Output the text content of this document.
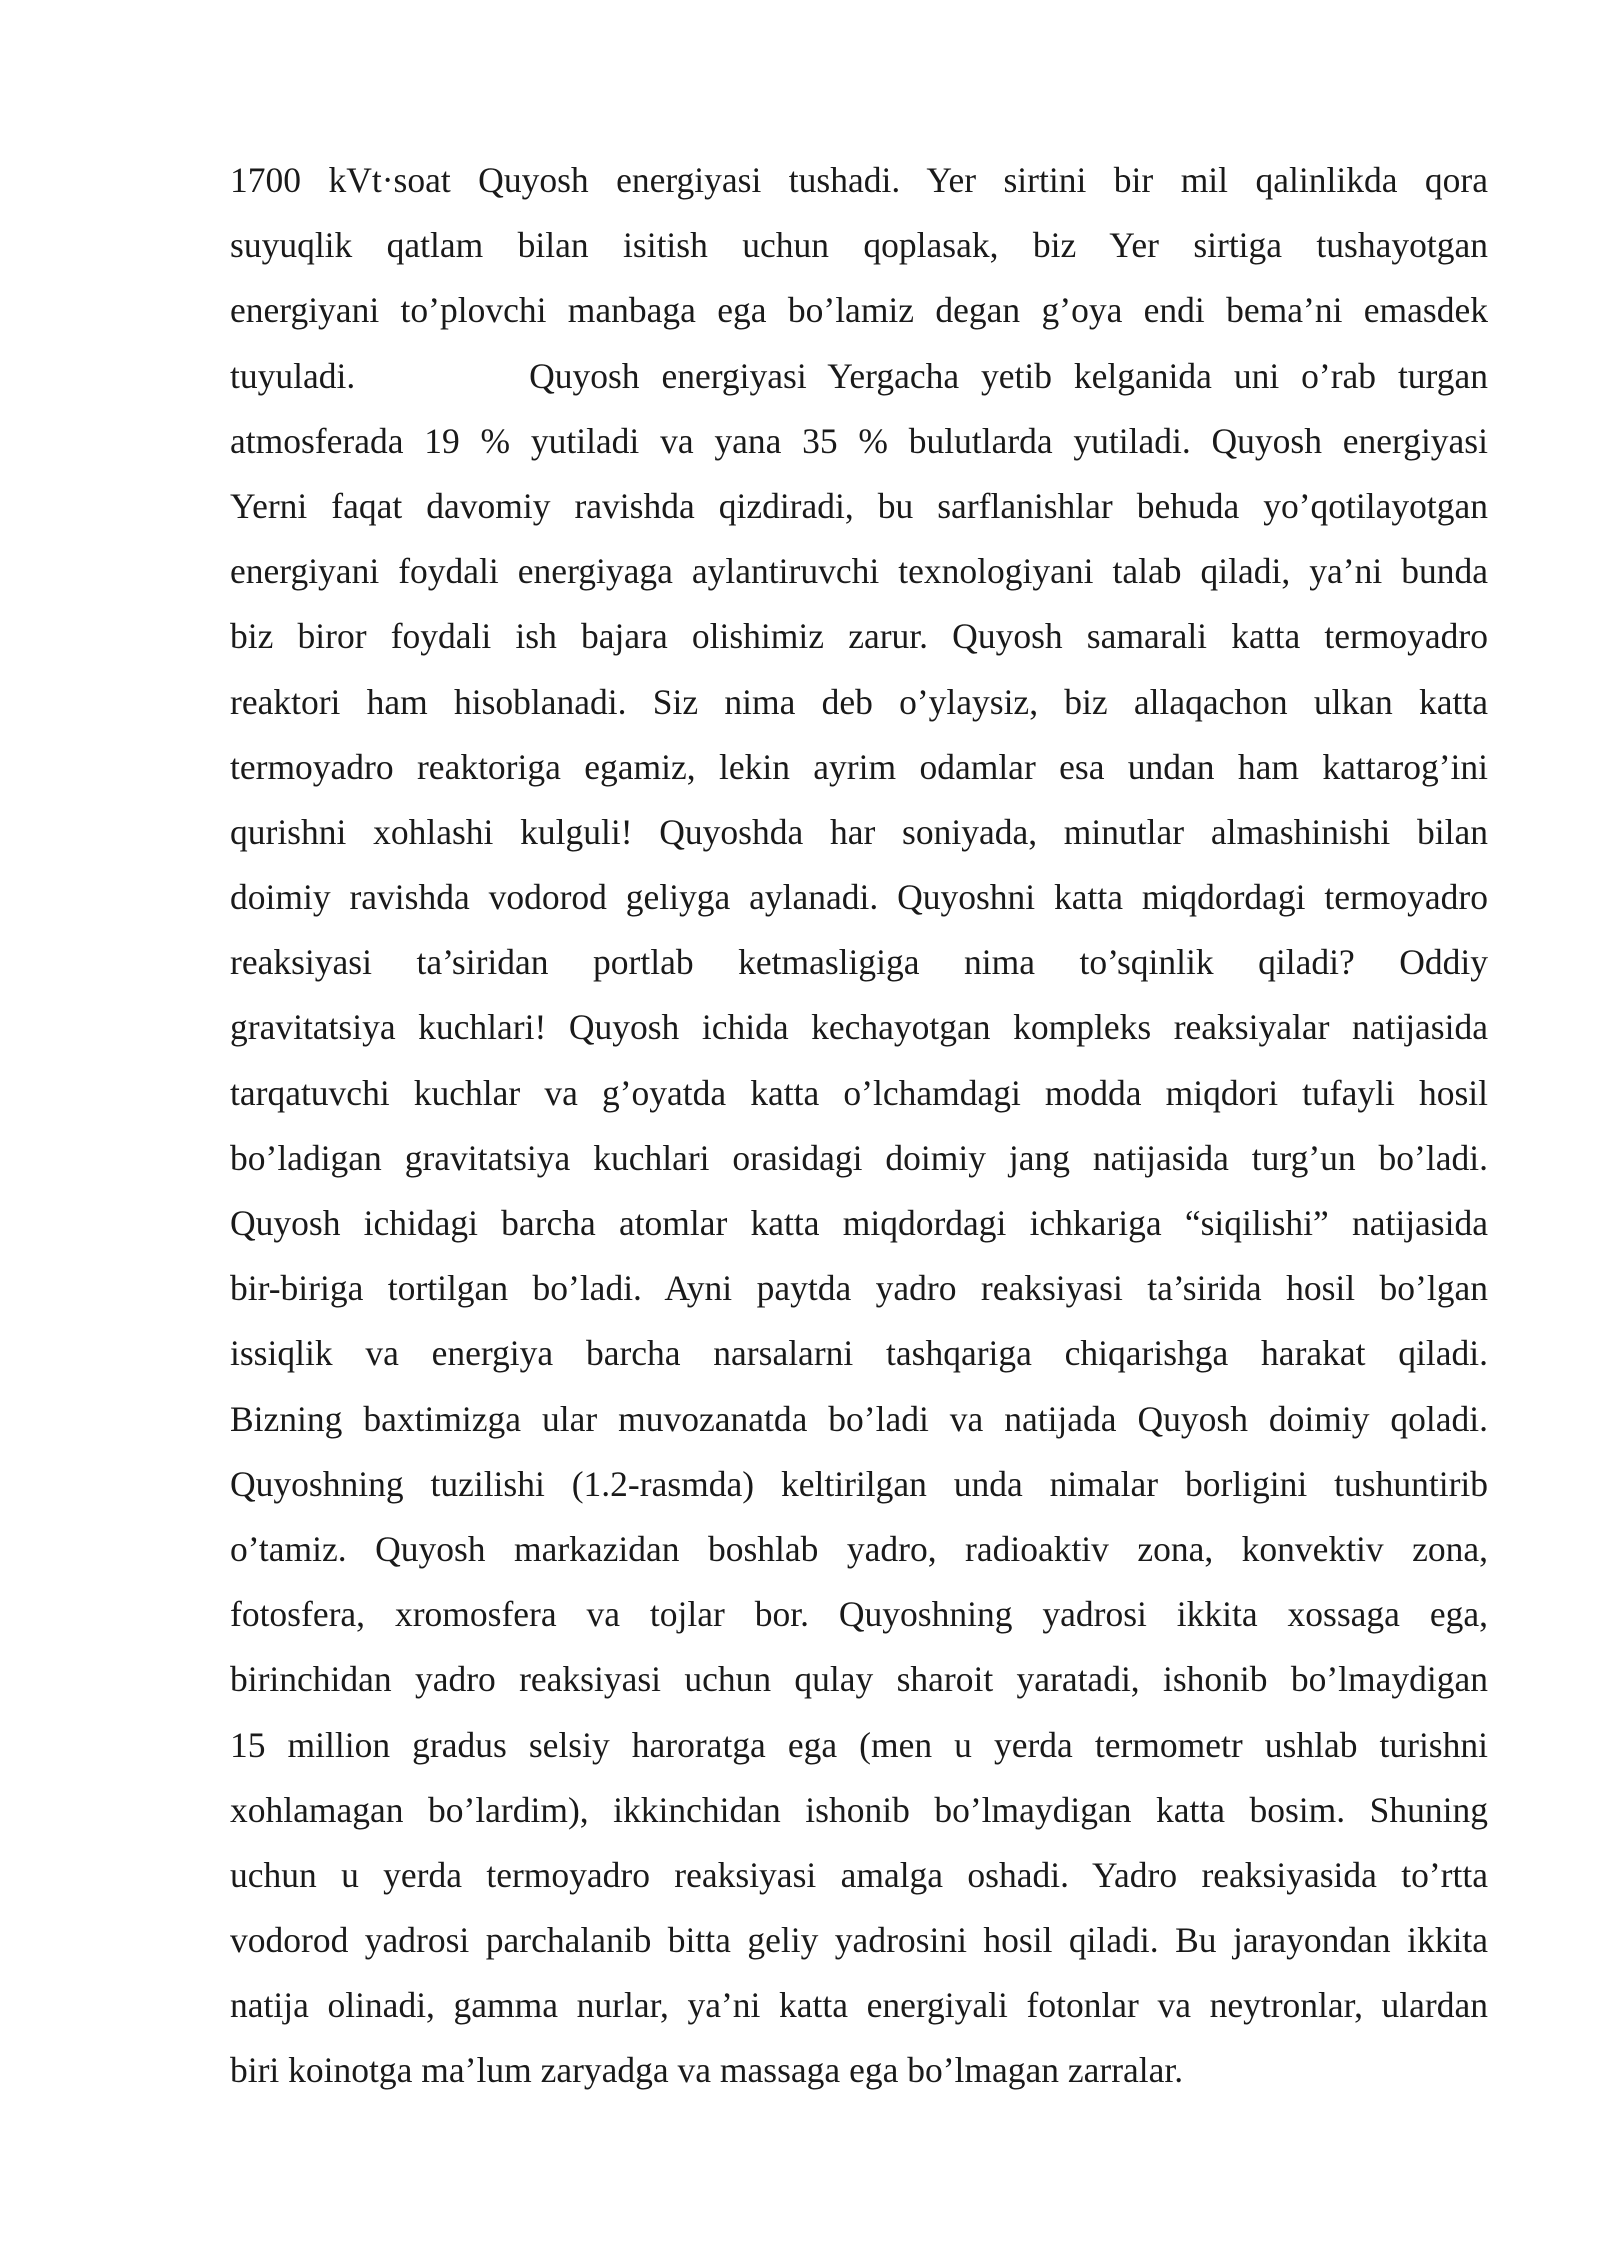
1700 kVt·soat Quyosh energiyasi tushadi. Yer sirtini bir mil qalinlikda qora
suyuqlik qatlam bilan isitish uchun qoplasak, biz Yer sirtiga tushayotgan
energiyani to’plovchi manbaga ega bo’lamiz degan g’oya endi bema’ni emasdek
tuyuladi.	Quyosh energiyasi Yergacha yetib kelganida uni o’rab turgan
atmosferada 19 % yutiladi va yana 35 % bulutlarda yutiladi. Quyosh energiyasi
Yerni faqat davomiy ravishda qizdiradi, bu sarflanishlar behuda yo’qotilayotgan
energiyani foydali energiyaga aylantiruvchi texnologiyani talab qiladi, ya’ni bunda
biz biror foydali ish bajara olishimiz zarur. Quyosh samarali katta termoyadro
reaktori ham hisoblanadi. Siz nima deb o’ylaysiz, biz allaqachon ulkan katta
termoyadro reaktoriga egamiz, lekin ayrim odamlar esa undan ham kattarog’ini
qurishni xohlashi kulguli! Quyoshda har soniyada, minutlar almashinishi bilan
doimiy ravishda vodorod geliyga aylanadi. Quyoshni katta miqdordagi termoyadro
reaksiyasi ta’siridan portlab ketmasligiga nima to’sqinlik qiladi? Oddiy
gravitatsiya kuchlari! Quyosh ichida kechayotgan kompleks reaksiyalar natijasida
tarqatuvchi kuchlar va g’oyatda katta o’lchamdagi modda miqdori tufayli hosil
bo’ladigan gravitatsiya kuchlari orasidagi doimiy jang natijasida turg’un bo’ladi.
Quyosh ichidagi barcha atomlar katta miqdordagi ichkariga “siqilishi” natijasida
bir-biriga tortilgan bo’ladi. Ayni paytda yadro reaksiyasi ta’sirida hosil bo’lgan
issiqlik va energiya barcha narsalarni tashqariga chiqarishga harakat qiladi.
Bizning baxtimizga ular muvozanatda bo’ladi va natijada Quyosh doimiy qoladi.
Quyoshning tuzilishi (1.2-rasmda) keltirilgan unda nimalar borligini tushuntirib
o’tamiz. Quyosh markazidan boshlab yadro, radioaktiv zona, konvektiv zona,
fotosfera, xromosfera va tojlar bor. Quyoshning yadrosi ikkita xossaga ega,
birinchidan yadro reaksiyasi uchun qulay sharoit yaratadi, ishonib bo’lmaydigan
15 million gradus selsiy haroratga ega (men u yerda termometr ushlab turishni
xohlamagan bo’lardim), ikkinchidan ishonib bo’lmaydigan katta bosim. Shuning
uchun u yerda termoyadro reaksiyasi amalga oshadi. Yadro reaksiyasida to’rtta
vodorod yadrosi parchalanib bitta geliy yadrosini hosil qiladi. Bu jarayondan ikkita
natija olinadi, gamma nurlar, ya’ni katta energiyali fotonlar va neytronlar, ulardan
biri koinotga ma’lum zaryadga va massaga ega bo’lmagan zarralar.
